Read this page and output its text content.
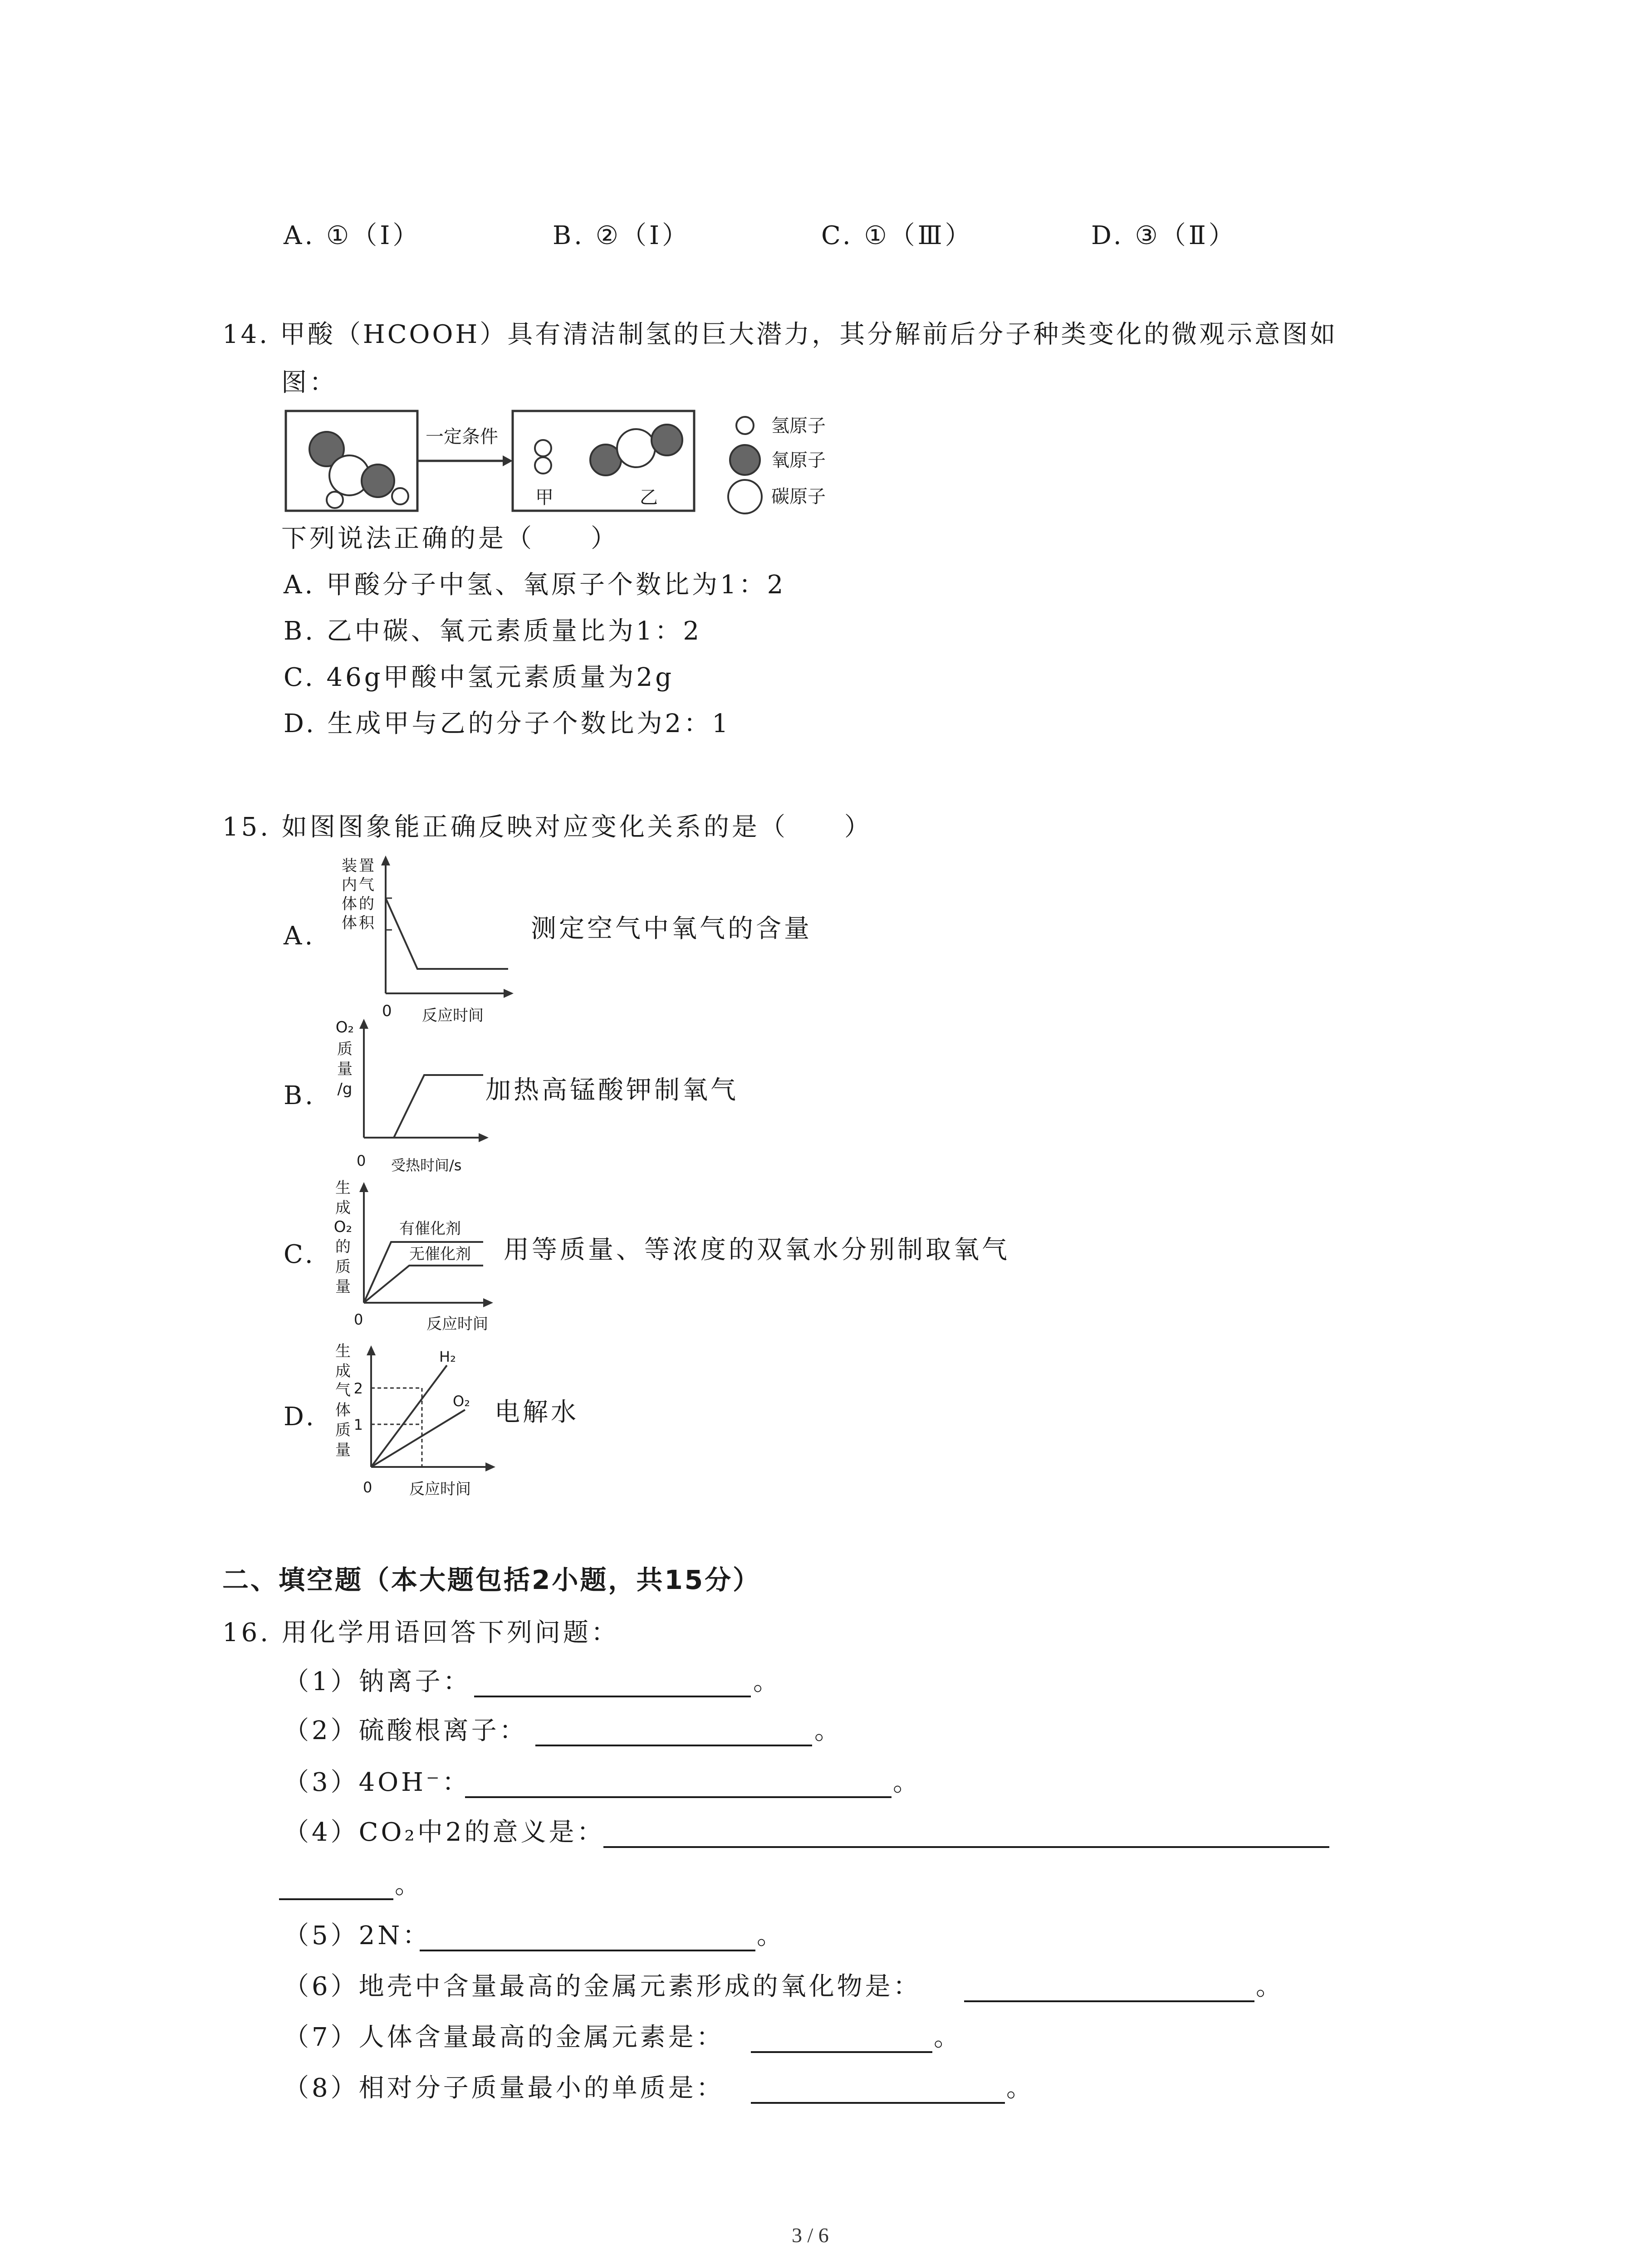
A. ①（Ⅰ）	B. ②（Ⅰ）	C. ①（Ⅲ）	D. ③（Ⅱ）
14. 甲酸（HCOOH）具有清洁制氢的巨大潜力，其分解前后分子种类变化的微观示意图如
图：
一定条件
甲	乙
氢原子
氧原子
碳原子
下列说法正确的是（　　）
A. 甲酸分子中氢、氧原子个数比为1：2
B. 乙中碳、氧元素质量比为1：2
C. 46g甲酸中氢元素质量为2g
D. 生成甲与乙的分子个数比为2：1
15. 如图图象能正确反映对应变化关系的是（　　）
A.
装 置
内 气
体 的
体 积
0 反应时间
测定空气中氧气的含量
B.
O₂
质
量
/g
0 受热时间/s
加热高锰酸钾制氧气
C.
生
成
O₂
的
质
量
有催化剂
无催化剂
0	反应时间
用等质量、等浓度的双氧水分别制取氧气
D.
生
成
气
体
质
量
2
1
H₂
O₂
0 反应时间
电解水
二、填空题（本大题包括2小题，共15分）
16. 用化学用语回答下列问题：
（1）钠离子：	。
（2）硫酸根离子：	。
（3）4OH⁻：	。
（4）CO₂中2的意义是：
。
（5）2N：	。
（6）地壳中含量最高的金属元素形成的氧化物是：	。
（7）人体含量最高的金属元素是：	。
（8）相对分子质量最小的单质是：	。
3 / 6
